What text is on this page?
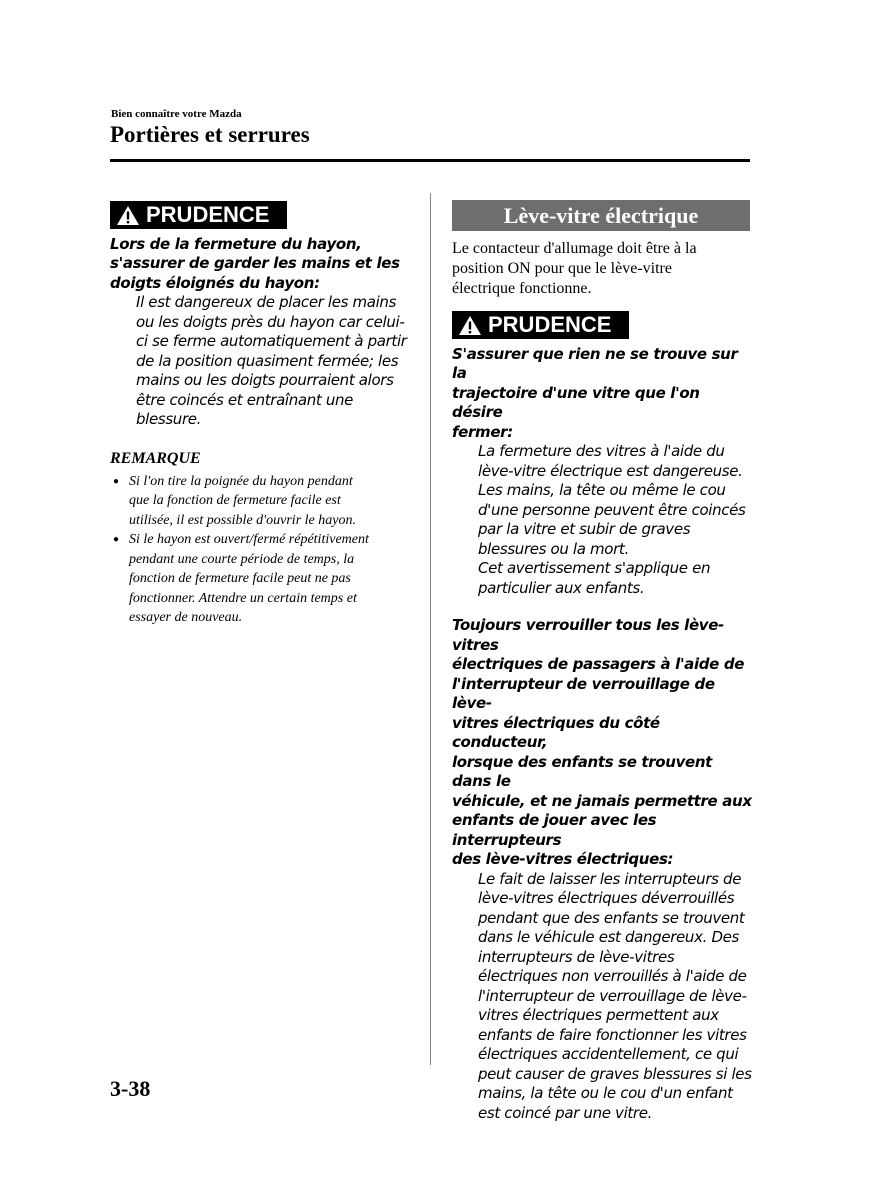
Bien connaître votre Mazda
Portières et serrures
PRUDENCE
Lors de la fermeture du hayon,
s'assurer de garder les mains et les
doigts éloignés du hayon:
Il est dangereux de placer les mains
ou les doigts près du hayon car celui-
ci se ferme automatiquement à partir
de la position quasiment fermée; les
mains ou les doigts pourraient alors
être coincés et entraînant une
blessure.
REMARQUE
● Si l'on tire la poignée du hayon pendant
que la fonction de fermeture facile est
utilisée, il est possible d'ouvrir le hayon.
● Si le hayon est ouvert/fermé répétitivement
pendant une courte période de temps, la
fonction de fermeture facile peut ne pas
fonctionner. Attendre un certain temps et
essayer de nouveau.
Lève-vitre électrique
Le contacteur d'allumage doit être à la
position ON pour que le lève-vitre
électrique fonctionne.
PRUDENCE
S'assurer que rien ne se trouve sur la
trajectoire d'une vitre que l'on désire
fermer:
La fermeture des vitres à l'aide du
lève-vitre électrique est dangereuse.
Les mains, la tête ou même le cou
d'une personne peuvent être coincés
par la vitre et subir de graves
blessures ou la mort.
Cet avertissement s'applique en
particulier aux enfants.
Toujours verrouiller tous les lève-vitres
électriques de passagers à l'aide de
l'interrupteur de verrouillage de lève-
vitres électriques du côté conducteur,
lorsque des enfants se trouvent dans le
véhicule, et ne jamais permettre aux
enfants de jouer avec les interrupteurs
des lève-vitres électriques:
Le fait de laisser les interrupteurs de
lève-vitres électriques déverrouillés
pendant que des enfants se trouvent
dans le véhicule est dangereux. Des
interrupteurs de lève-vitres
électriques non verrouillés à l'aide de
l'interrupteur de verrouillage de lève-
vitres électriques permettent aux
enfants de faire fonctionner les vitres
électriques accidentellement, ce qui
peut causer de graves blessures si les
mains, la tête ou le cou d'un enfant
est coincé par une vitre.
3-38
